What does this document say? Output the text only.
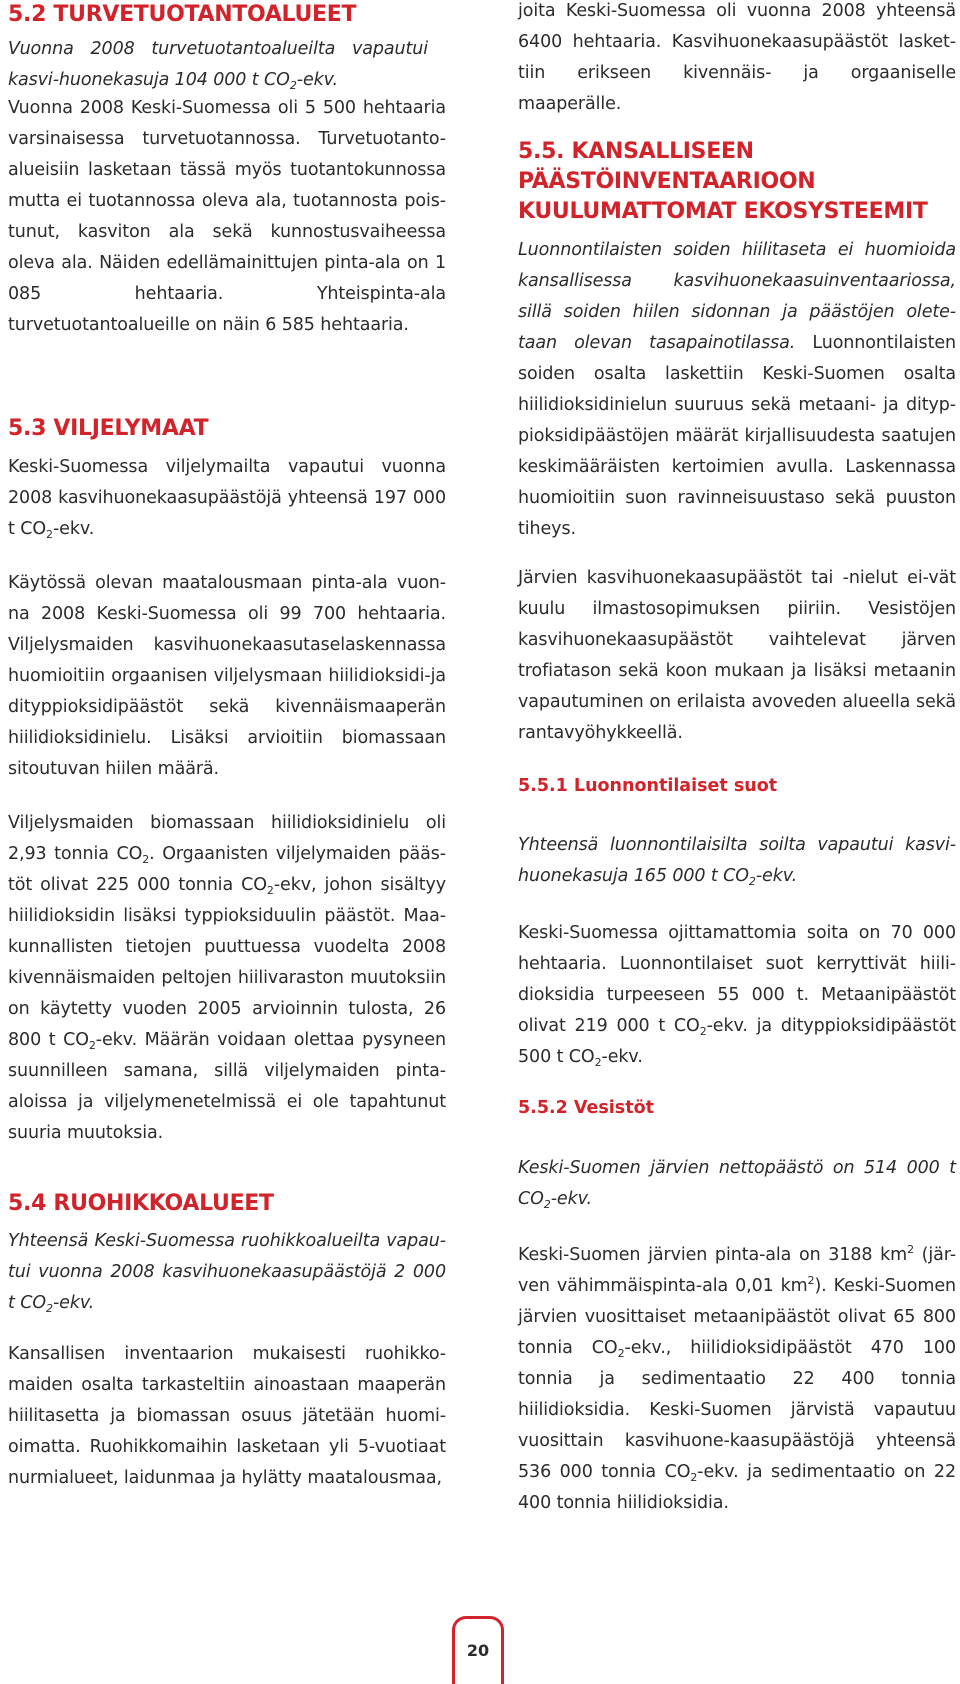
5.2 TURVETUOTANTOALUEET

Vuonna 2008 turvetuotantoalueilta vapautui kasvi-huonekasuja 104 000 t $CO_2$-ekv.

Vuonna 2008 Keski-Suomessa oli 5 500 hehtaaria varsinaisessa turvetuotannossa. Turvetuotanto-alueisiin lasketaan tässä myös tuotantokunnossa mutta ei tuotannossa oleva ala, tuotannosta pois-tunut, kasviton ala sekä kunnostusvaiheessa oleva ala. Näiden edellämainittujen pinta-ala on 1 085 hehtaaria. Yhteispinta-ala turvetuotantoalueille on näin 6 585 hehtaaria.

5.3 VILJELYMAAT

Keski-Suomessa viljelymailta vapautui vuonna 2008 kasvihuonekaasupäästöjä yhteensä 197 000 t $CO_2$-ekv.

Käytössä olevan maatalousmaan pinta-ala vuon-na 2008 Keski-Suomessa oli 99 700 hehtaaria. Viljelysmaiden kasvihuonekaasutaselaskennassa huomioitiin orgaanisen viljelysmaan hiilidioksidi-ja dityppioksidipäästöt sekä kivennäismaaperän hiilidioksidinielu. Lisäksi arvioitiin biomassaan sitoutuvan hiilen määrä.

Viljelysmaiden biomassaan hiilidioksidinielu oli 2,93 tonnia $CO_2$. Orgaanisten viljelymaiden pääs-töt olivat 225 000 tonnia $CO_2$-ekv, johon sisältyy hiilidioksidin lisäksi typpioksiduulin päästöt. Maa-kunnallisten tietojen puuttuessa vuodelta 2008 kivennäismaiden peltojen hiilivaraston muutoksiin on käytetty vuoden 2005 arvioinnin tulosta, 26 800 t $CO_2$-ekv. Määrän voidaan olettaa pysyneen suunnilleen samana, sillä viljelymaiden pinta-aloissa ja viljelymenetelmissä ei ole tapahtunut suuria muutoksia.

5.4 RUOHIKKOALUEET

Yhteensä Keski-Suomessa ruohikkoalueilta vapau-tui vuonna 2008 kasvihuonekaasupäästöjä 2 000 t $CO_2$-ekv.

Kansallisen inventaarion mukaisesti ruohikko-maiden osalta tarkasteltiin ainoastaan maaperän hiilitasetta ja biomassan osuus jätetään huomi-oimatta. Ruohikkomaihin lasketaan yli 5-vuotiaat nurmialueet, laidunmaa ja hylätty maatalousmaa,

joita Keski-Suomessa oli vuonna 2008 yhteensä 6400 hehtaaria. Kasvihuonekaasupäästöt lasket-tiin erikseen kivennäis- ja orgaaniselle maaperälle.

5.5. KANSALLISEEN PÄÄSTÖINVENTAARIOON KUULUMATTOMAT EKOSYSTEEMIT

Luonnontilaisten soiden hiilitaseta ei huomioida kansallisessa kasvihuonekaasuinventaariossa, sillä soiden hiilen sidonnan ja päästöjen olete-taan olevan tasapainotilassa. Luonnontilaisten soiden osalta laskettiin Keski-Suomen osalta hiilidioksidinielun suuruus sekä metaani- ja dityp-pioksidipäästöjen määrät kirjallisuudesta saatujen keskimääräisten kertoimien avulla. Laskennassa huomioitiin suon ravinneisuustaso sekä puuston tiheys.

Järvien kasvihuonekaasupäästöt tai -nielut ei-vät kuulu ilmastosopimuksen piiriin. Vesistöjen kasvihuonekaasupäästöt vaihtelevat järven trofiatason sekä koon mukaan ja lisäksi metaanin vapautuminen on erilaista avoveden alueella sekä rantavyöhykkeellä.

5.5.1 Luonnontilaiset suot

Yhteensä luonnontilaisilta soilta vapautui kasvi-huonekasuja 165 000 t $CO_2$-ekv.

Keski-Suomessa ojittamattomia soita on 70 000 hehtaaria. Luonnontilaiset suot kerryttivät hiili-dioksidia turpeeseen 55 000 t. Metaanipäästöt olivat 219 000 t $CO_2$-ekv. ja dityppioksidipäästöt 500 t $CO_2$-ekv.

5.5.2 Vesistöt

Keski-Suomen järvien nettopäästö on 514 000 t $CO_2$-ekv.

Keski-Suomen järvien pinta-ala on 3188 $km^2$ (jär-ven vähimmäispinta-ala 0,01 $km^2$). Keski-Suomen järvien vuosittaiset metaanipäästöt olivat 65 800 tonnia $CO_2$-ekv., hiilidioksidipäästöt 470 100 tonnia ja sedimentaatio 22 400 tonnia hiilidioksidia. Keski-Suomen järvistä vapautuu vuosittain kasvihuone-kaasupäästöjä yhteensä 536 000 tonnia $CO_2$-ekv. ja sedimentaatio on 22 400 tonnia hiilidioksidia.

20
